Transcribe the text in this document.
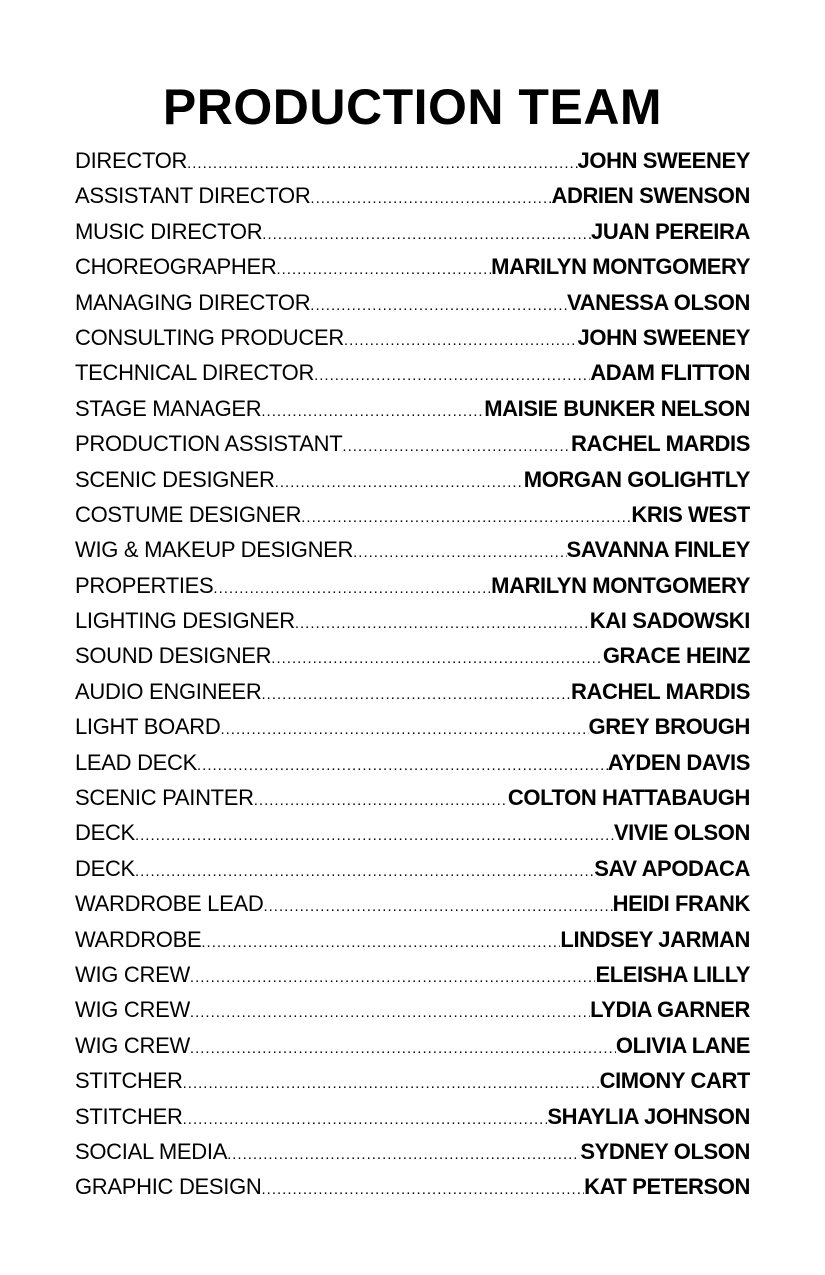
PRODUCTION TEAM
DIRECTOR .....	JOHN SWEENEY
ASSISTANT DIRECTOR .....	ADRIEN SWENSON
MUSIC DIRECTOR .....	JUAN PEREIRA
CHOREOGRAPHER .....	MARILYN MONTGOMERY
MANAGING DIRECTOR .....	VANESSA OLSON
CONSULTING PRODUCER .....	JOHN SWEENEY
TECHNICAL DIRECTOR .....	ADAM FLITTON
STAGE MANAGER .....	MAISIE BUNKER NELSON
PRODUCTION ASSISTANT .....	RACHEL MARDIS
SCENIC DESIGNER .....	MORGAN GOLIGHTLY
COSTUME DESIGNER .....	KRIS WEST
WIG & MAKEUP DESIGNER .....	SAVANNA FINLEY
PROPERTIES .....	MARILYN MONTGOMERY
LIGHTING DESIGNER .....	KAI SADOWSKI
SOUND DESIGNER .....	GRACE HEINZ
AUDIO ENGINEER .....	RACHEL MARDIS
LIGHT BOARD .....	GREY BROUGH
LEAD DECK .....	AYDEN DAVIS
SCENIC PAINTER .....	COLTON HATTABAUGH
DECK .....	VIVIE OLSON
DECK .....	SAV APODACA
WARDROBE LEAD .....	HEIDI FRANK
WARDROBE .....	LINDSEY JARMAN
WIG CREW .....	ELEISHA LILLY
WIG CREW .....	LYDIA GARNER
WIG CREW .....	OLIVIA LANE
STITCHER .....	CIMONY CART
STITCHER .....	SHAYLIA JOHNSON
SOCIAL MEDIA .....	SYDNEY OLSON
GRAPHIC DESIGN .....	KAT PETERSON
